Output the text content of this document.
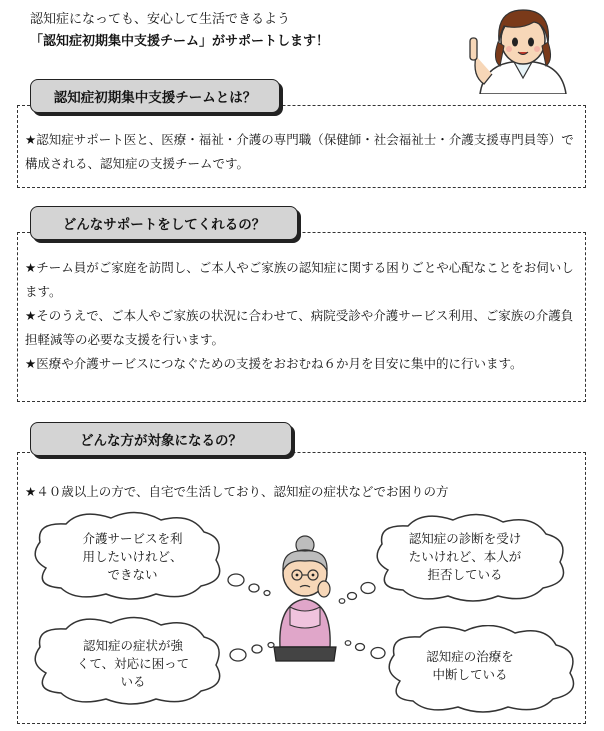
認知症になっても、安心して生活できるよう
「認知症初期集中支援チーム」がサポートします！
認知症初期集中支援チームとは？

★認知症サポート医と、医療・福祉・介護の専門職（保健師・社会福祉士・介護支援専門員等）で構成される、認知症の支援チームです。

どんなサポートをしてくれるの？

★チーム員がご家庭を訪問し、ご本人やご家族の認知症に関する困りごとや心配なことをお伺いします。

★そのうえで、ご本人やご家族の状況に合わせて、病院受診や介護サービス利用、ご家族の介護負担軽減等の必要な支援を行います。

★医療や介護サービスにつなぐための支援をおおむね６か月を目安に集中的に行います。

どんな方が対象になるの？

★４０歳以上の方で、自宅で生活しており、認知症の症状などでお困りの方

介護サービスを利
用したいけれど、
できない
認知症の診断を受け
たいけれど、本人が
拒否している
認知症の症状が強
くて、対応に困って
いる
認知症の治療を
中断している
